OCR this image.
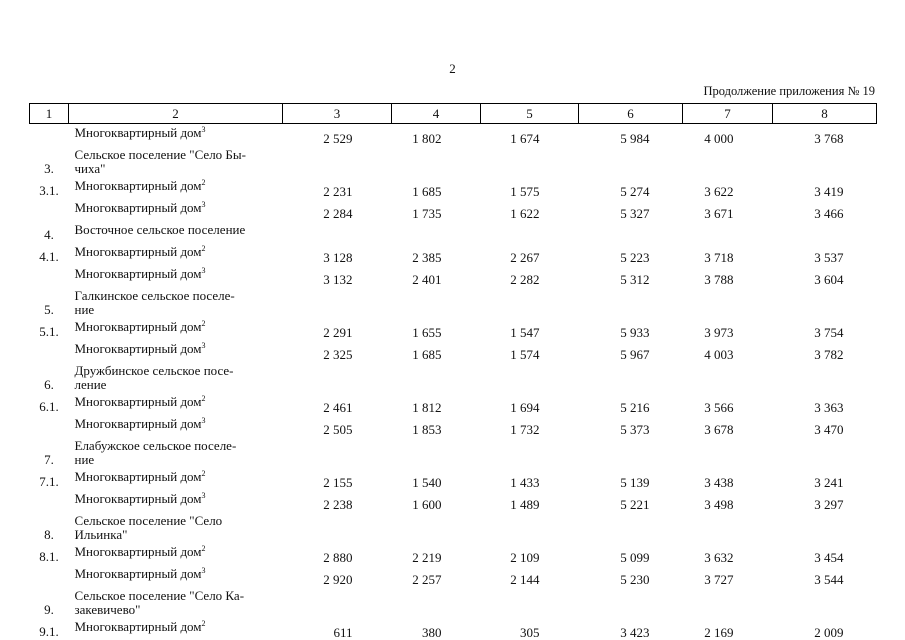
2
Продолжение приложения № 19
1	2	3	4	5	6	7	8
	Многоквартирный дом$^3$	2 529	1 802	1 674	5 984	4 000	3 768
3.	Сельское поселение "Село Бы-
чиха"						
3.1.	Многоквартирный дом$^2$	2 231	1 685	1 575	5 274	3 622	3 419
	Многоквартирный дом$^3$	2 284	1 735	1 622	5 327	3 671	3 466
4.	Восточное сельское поселение						
4.1.	Многоквартирный дом$^2$	3 128	2 385	2 267	5 223	3 718	3 537
	Многоквартирный дом$^3$	3 132	2 401	2 282	5 312	3 788	3 604
5.	Галкинское сельское поселе-
ние						
5.1.	Многоквартирный дом$^2$	2 291	1 655	1 547	5 933	3 973	3 754
	Многоквартирный дом$^3$	2 325	1 685	1 574	5 967	4 003	3 782
6.	Дружбинское сельское посе-
ление						
6.1.	Многоквартирный дом$^2$	2 461	1 812	1 694	5 216	3 566	3 363
	Многоквартирный дом$^3$	2 505	1 853	1 732	5 373	3 678	3 470
7.	Елабужское сельское поселе-
ние						
7.1.	Многоквартирный дом$^2$	2 155	1 540	1 433	5 139	3 438	3 241
	Многоквартирный дом$^3$	2 238	1 600	1 489	5 221	3 498	3 297
8.	Сельское поселение "Село
Ильинка"						
8.1.	Многоквартирный дом$^2$	2 880	2 219	2 109	5 099	3 632	3 454
	Многоквартирный дом$^3$	2 920	2 257	2 144	5 230	3 727	3 544
9.	Сельское поселение "Село Ка-
закевичево"						
9.1.	Многоквартирный дом$^2$	611	380	305	3 423	2 169	2 009
